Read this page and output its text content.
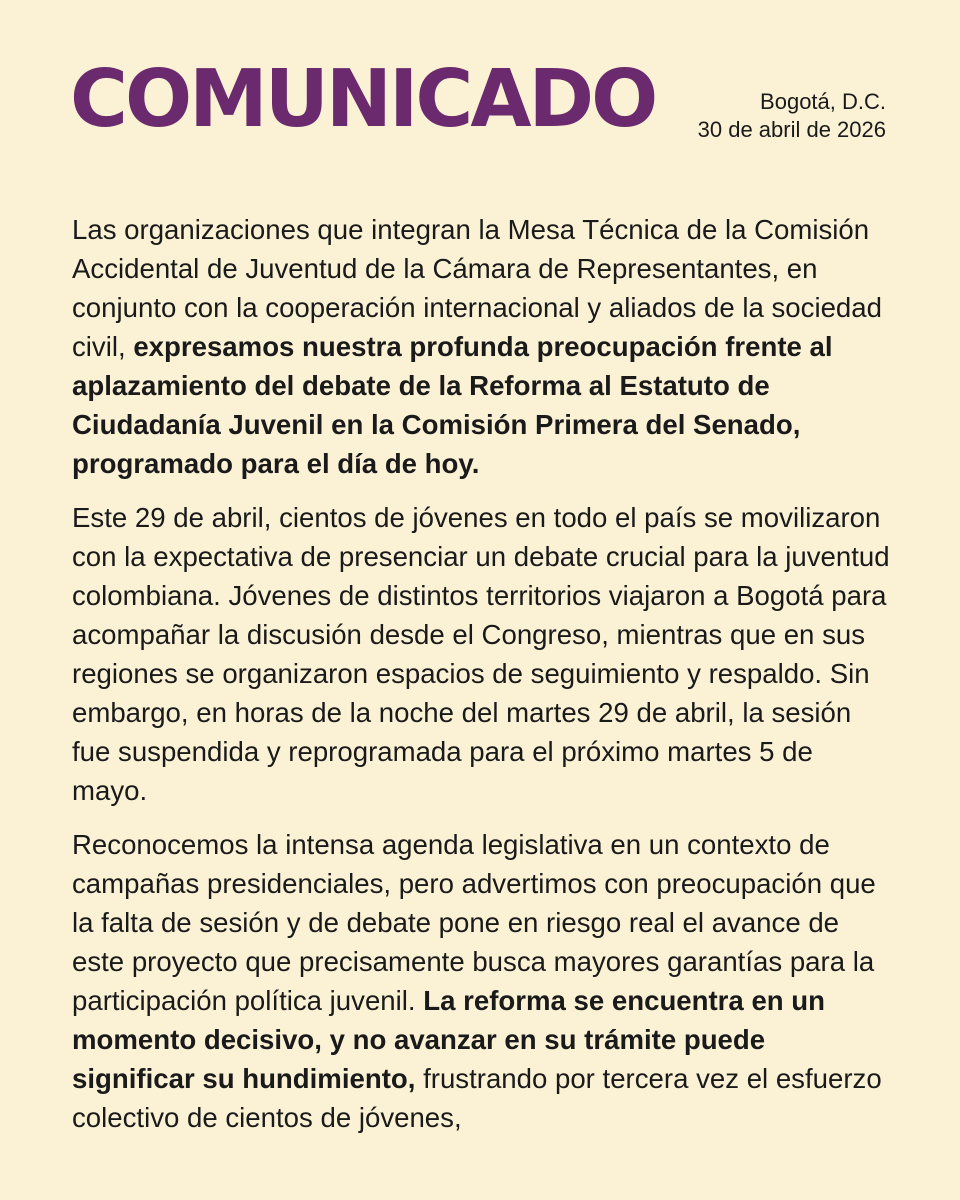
COMUNICADO	Bogotá, D.C.
30 de abril de 2026

Las organizaciones que integran la Mesa Técnica de la Comisión Accidental de Juventud de la Cámara de Representantes, en conjunto con la cooperación internacional y aliados de la sociedad civil, expresamos nuestra profunda preocupación frente al aplazamiento del debate de la Reforma al Estatuto de Ciudadanía Juvenil en la Comisión Primera del Senado, programado para el día de hoy.

Este 29 de abril, cientos de jóvenes en todo el país se movilizaron con la expectativa de presenciar un debate crucial para la juventud colombiana. Jóvenes de distintos territorios viajaron a Bogotá para acompañar la discusión desde el Congreso, mientras que en sus regiones se organizaron espacios de seguimiento y respaldo. Sin embargo, en horas de la noche del martes 29 de abril, la sesión fue suspendida y reprogramada para el próximo martes 5 de mayo.

Reconocemos la intensa agenda legislativa en un contexto de campañas presidenciales, pero advertimos con preocupación que la falta de sesión y de debate pone en riesgo real el avance de este proyecto que precisamente busca mayores garantías para la participación política juvenil. La reforma se encuentra en un momento decisivo, y no avanzar en su trámite puede significar su hundimiento, frustrando por tercera vez el esfuerzo colectivo de cientos de jóvenes,
